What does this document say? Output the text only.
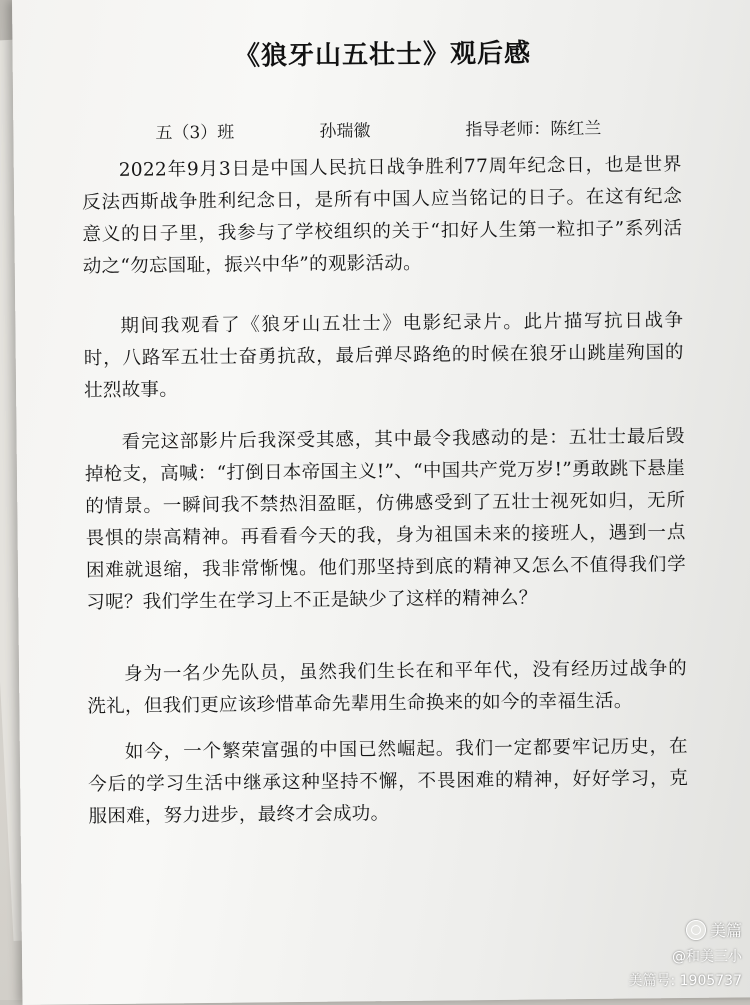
《狼牙山五壮士》观后感
五（3）班	孙瑞徽	指导老师：陈红兰
2022年9月3日是中国人民抗日战争胜利77周年纪念日，也是世界反法西斯战争胜利纪念日，是所有中国人应当铭记的日子。在这有纪念意义的日子里，我参与了学校组织的关于“扣好人生第一粒扣子”系列活动之“勿忘国耻，振兴中华”的观影活动。
期间我观看了《狼牙山五壮士》电影纪录片。此片描写抗日战争时，八路军五壮士奋勇抗敌，最后弹尽路绝的时候在狼牙山跳崖殉国的壮烈故事。
看完这部影片后我深受其感，其中最令我感动的是：五壮士最后毁掉枪支，高喊：“打倒日本帝国主义!”、“中国共产党万岁!”勇敢跳下悬崖的情景。一瞬间我不禁热泪盈眶，仿佛感受到了五壮士视死如归，无所畏惧的崇高精神。再看看今天的我，身为祖国未来的接班人，遇到一点困难就退缩，我非常惭愧。他们那坚持到底的精神又怎么不值得我们学习呢？我们学生在学习上不正是缺少了这样的精神么？
身为一名少先队员，虽然我们生长在和平年代，没有经历过战争的洗礼，但我们更应该珍惜革命先辈用生命换来的如今的幸福生活。
如今，一个繁荣富强的中国已然崛起。我们一定都要牢记历史，在今后的学习生活中继承这种坚持不懈，不畏困难的精神，好好学习，克服困难，努力进步，最终才会成功。
美篇
@和美三小
美篇号: 1905737
